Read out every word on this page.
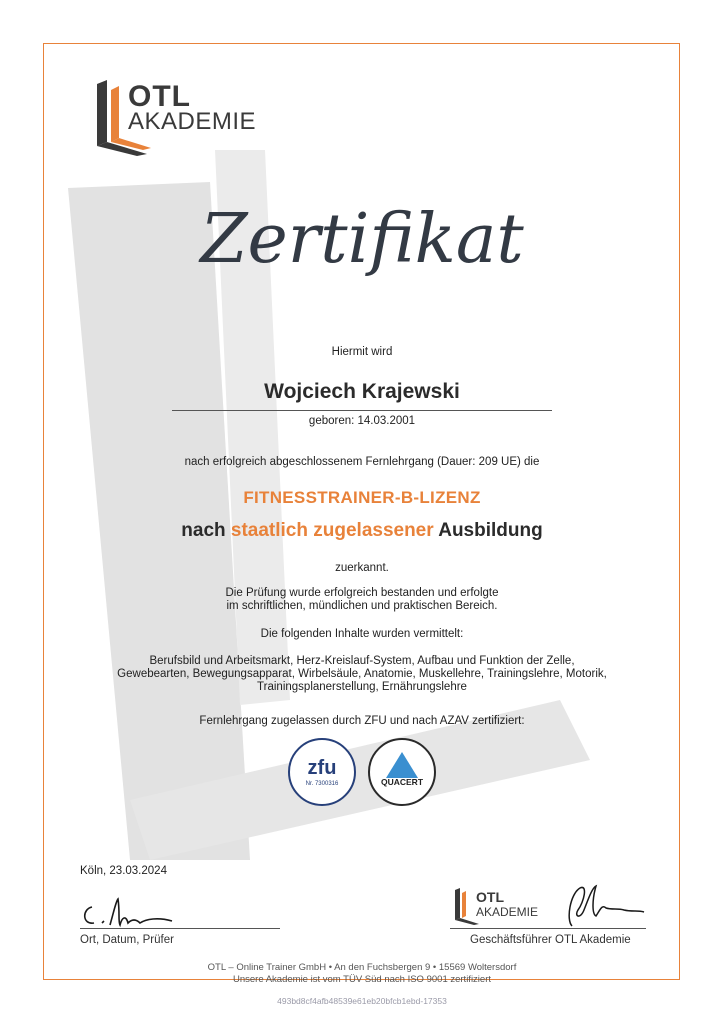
OTL
AKADEMIE
Zertifikat
Hiermit wird
Wojciech Krajewski
geboren: 14.03.2001
nach erfolgreich abgeschlossenem Fernlehrgang (Dauer: 209 UE) die
FITNESSTRAINER-B-LIZENZ
nach staatlich zugelassener Ausbildung
zuerkannt.
Die Prüfung wurde erfolgreich bestanden und erfolgte
im schriftlichen, mündlichen und praktischen Bereich.
Die folgenden Inhalte wurden vermittelt:
Berufsbild und Arbeitsmarkt, Herz-Kreislauf-System, Aufbau und Funktion der Zelle,
Gewebearten, Bewegungsapparat, Wirbelsäule, Anatomie, Muskellehre, Trainingslehre, Motorik,
Trainingsplanerstellung, Ernährungslehre
Fernlehrgang zugelassen durch ZFU und nach AZAV zertifiziert:
zfu
Nr. 7300316	QUACERT
Köln, 23.03.2024
Ort, Datum, Prüfer
OTL
AKADEMIE
Geschäftsführer OTL Akademie
OTL – Online Trainer GmbH • An den Fuchsbergen 9 • 15569 Woltersdorf
Unsere Akademie ist vom TÜV Süd nach ISO 9001 zertifiziert
493bd8cf4afb48539e61eb20bfcb1ebd-17353
